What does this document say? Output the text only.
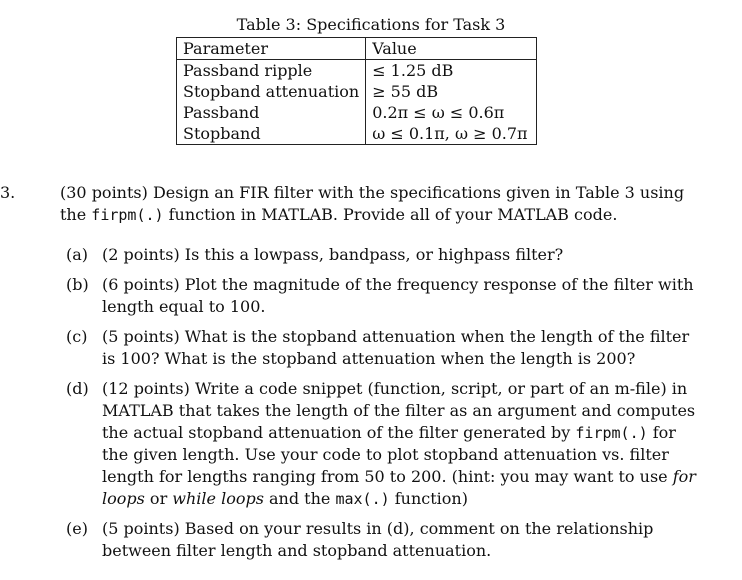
Table 3: Specifications for Task 3
Parameter	Value
Passband ripple	≤ 1.25 dB
Stopband attenuation	≥ 55 dB
Passband	0.2π ≤ ω ≤ 0.6π
Stopband	ω ≤ 0.1π, ω ≥ 0.7π
3.	(30 points) Design an FIR filter with the specifications given in Table 3 using the firpm(.) function in MATLAB. Provide all of your MATLAB code.
(a) (2 points) Is this a lowpass, bandpass, or highpass filter?
(b) (6 points) Plot the magnitude of the frequency response of the filter with length equal to 100.
(c) (5 points) What is the stopband attenuation when the length of the filter is 100? What is the stopband attenuation when the length is 200?
(d) (12 points) Write a code snippet (function, script, or part of an m-file) in MATLAB that takes the length of the filter as an argument and computes the actual stopband attenuation of the filter generated by firpm(.) for the given length. Use your code to plot stopband attenuation vs. filter length for lengths ranging from 50 to 200. (hint: you may want to use for loops or while loops and the max(.) function)
(e) (5 points) Based on your results in (d), comment on the relationship between filter length and stopband attenuation.
